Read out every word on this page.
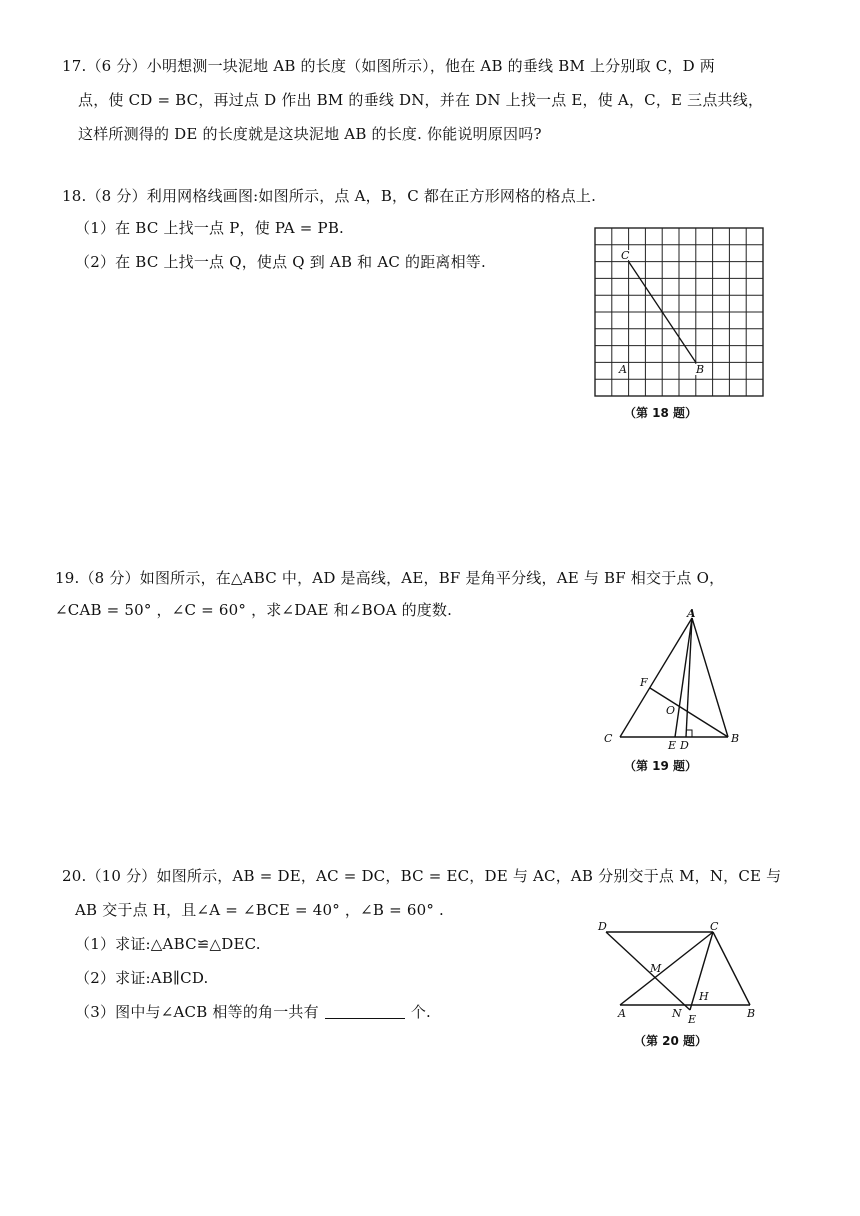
17.（6 分）小明想测一块泥地 AB 的长度（如图所示），他在 AB 的垂线 BM 上分别取 C，D 两
点，使 CD = BC，再过点 D 作出 BM 的垂线 DN，并在 DN 上找一点 E，使 A，C，E 三点共线，
这样所测得的 DE 的长度就是这块泥地 AB 的长度. 你能说明原因吗?
18.（8 分）利用网格线画图:如图所示，点 A，B，C 都在正方形网格的格点上.
（1）在 BC 上找一点 P，使 PA = PB.
（2）在 BC 上找一点 Q，使点 Q 到 AB 和 AC 的距离相等.	C
A	B
（第 18 题）
19.（8 分）如图所示，在△ABC 中，AD 是高线，AE，BF 是角平分线，AE 与 BF 相交于点 O，
∠CAB = 50° ，∠C = 60° ，求∠DAE 和∠BOA 的度数.	A
F
O
C
E D
B
（第 19 题）
20.（10 分）如图所示，AB = DE，AC = DC，BC = EC，DE 与 AC，AB 分别交于点 M，N，CE 与
AB 交于点 H，且∠A = ∠BCE = 40° ，∠B = 60° .
（1）求证:△ABC≌△DEC.
（2）求证:AB∥CD.
（3）图中与∠ACB 相等的角一共有	个.
D	C
M
H
A	N E	B
（第 20 题）
